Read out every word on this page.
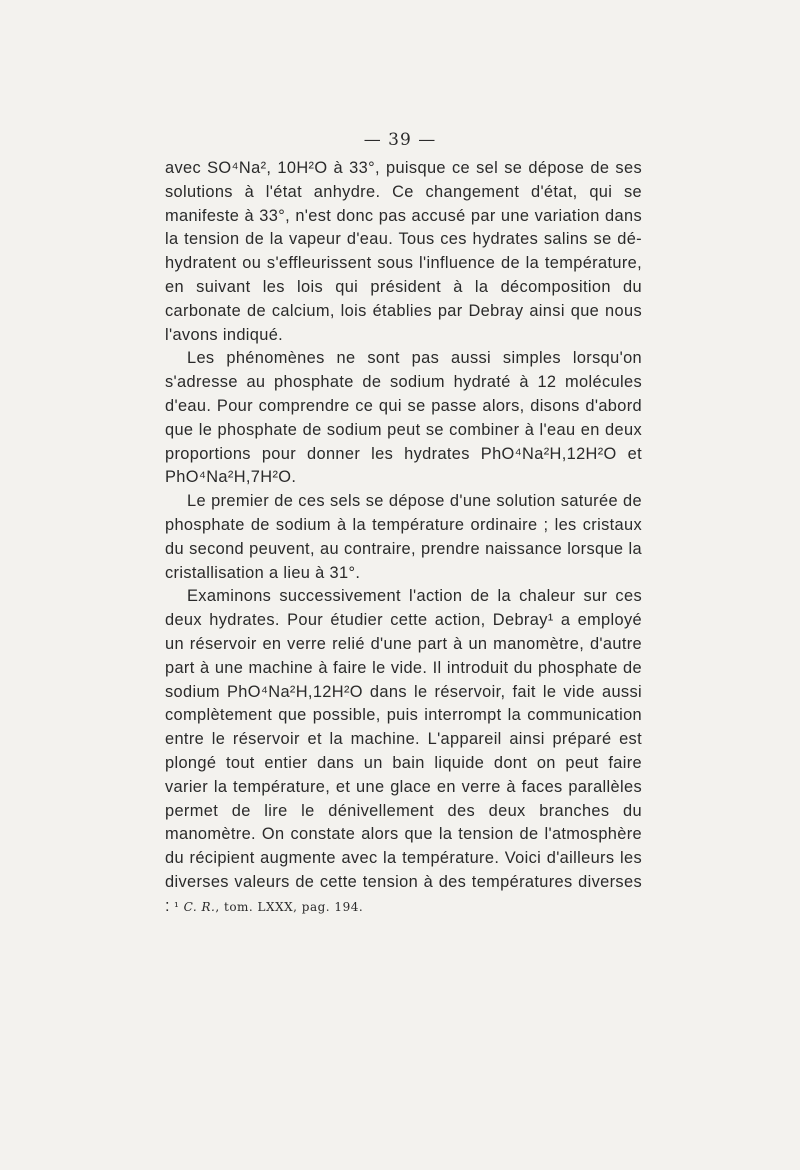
— 39 —

avec SO⁴Na², 10H²O à 33°, puisque ce sel se dépose de ses solutions à l'état anhydre. Ce changement d'état, qui se manifeste à 33°, n'est donc pas accusé par une variation dans la tension de la vapeur d'eau. Tous ces hydrates salins se dé-hydratent ou s'effleurissent sous l'influence de la température, en suivant les lois qui président à la décomposition du carbonate de calcium, lois établies par Debray ainsi que nous l'avons indiqué.

Les phénomènes ne sont pas aussi simples lorsqu'on s'adresse au phosphate de sodium hydraté à 12 molécules d'eau. Pour comprendre ce qui se passe alors, disons d'abord que le phosphate de sodium peut se combiner à l'eau en deux proportions pour donner les hydrates PhO⁴Na²H,12H²O et PhO⁴Na²H,7H²O.

Le premier de ces sels se dépose d'une solution saturée de phosphate de sodium à la température ordinaire ; les cristaux du second peuvent, au contraire, prendre naissance lorsque la cristallisation a lieu à 31°.

Examinons successivement l'action de la chaleur sur ces deux hydrates. Pour étudier cette action, Debray¹ a employé un réservoir en verre relié d'une part à un manomètre, d'autre part à une machine à faire le vide. Il introduit du phosphate de sodium PhO⁴Na²H,12H²O dans le réservoir, fait le vide aussi complètement que possible, puis interrompt la communication entre le réservoir et la machine. L'appareil ainsi préparé est plongé tout entier dans un bain liquide dont on peut faire varier la température, et une glace en verre à faces parallèles permet de lire le dénivellement des deux branches du manomètre. On constate alors que la tension de l'atmosphère du récipient augmente avec la température. Voici d'ailleurs les diverses valeurs de cette tension à des températures diverses : ¹ C. R., tom. LXXX, pag. 194.
